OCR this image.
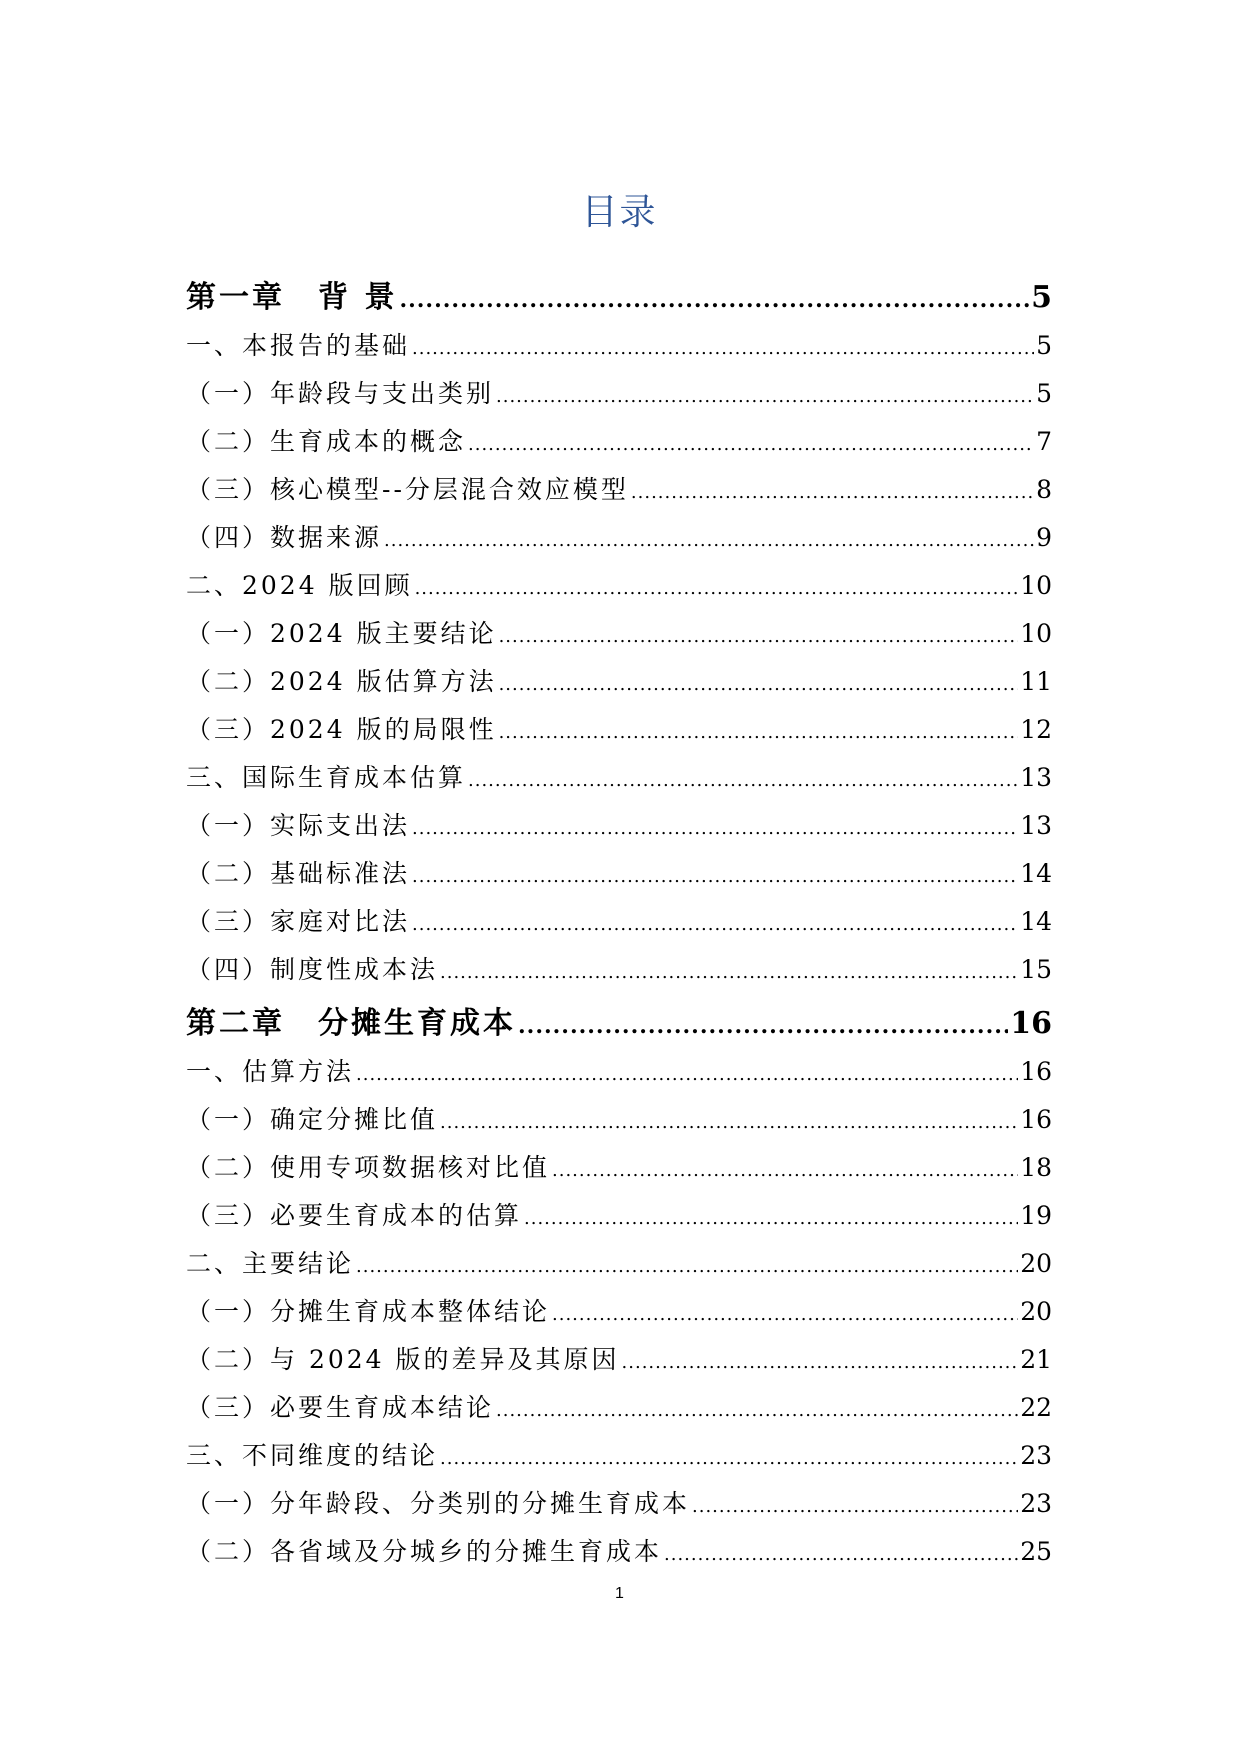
目录
第一章　背 景 .....	5
一、本报告的基础 .....	5
（一）年龄段与支出类别 .....	5
（二）生育成本的概念 .....	7
（三）核心模型--分层混合效应模型 .....	8
（四）数据来源 .....	9
二、2024 版回顾 .....	10
（一）2024 版主要结论 .....	10
（二）2024 版估算方法 .....	11
（三）2024 版的局限性 .....	12
三、国际生育成本估算 .....	13
（一）实际支出法 .....	13
（二）基础标准法 .....	14
（三）家庭对比法 .....	14
（四）制度性成本法 .....	15
第二章　分摊生育成本 .....	16
一、估算方法 .....	16
（一）确定分摊比值 .....	16
（二）使用专项数据核对比值 .....	18
（三）必要生育成本的估算 .....	19
二、主要结论 .....	20
（一）分摊生育成本整体结论 .....	20
（二）与 2024 版的差异及其原因 .....	21
（三）必要生育成本结论 .....	22
三、不同维度的结论 .....	23
（一）分年龄段、分类别的分摊生育成本 .....	23
（二）各省域及分城乡的分摊生育成本 .....	25
1
